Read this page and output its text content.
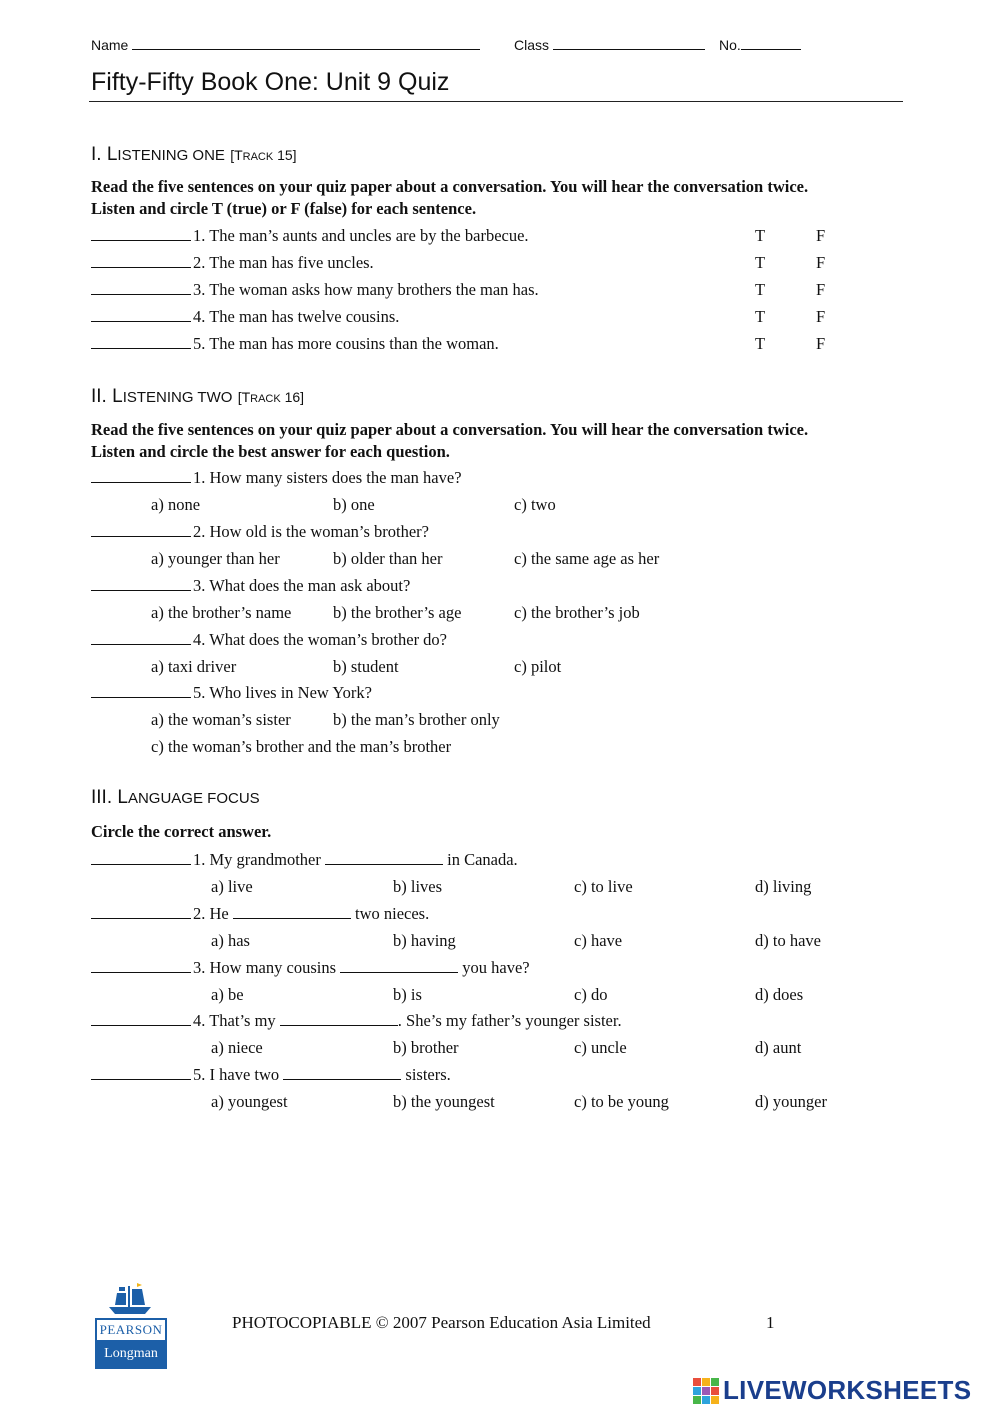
Name	Class	No.
Fifty-Fifty Book One: Unit 9 Quiz
I. LISTENING ONE [TRACK 15]
Read the five sentences on your quiz paper about a conversation. You will hear the conversation twice.
Listen and circle T (true) or F (false) for each sentence.
1. The man’s aunts and uncles are by the barbecue.	T	F
2. The man has five uncles.	T	F
3. The woman asks how many brothers the man has.	T	F
4. The man has twelve cousins.	T	F
5. The man has more cousins than the woman.	T	F
II. LISTENING TWO [TRACK 16]
Read the five sentences on your quiz paper about a conversation. You will hear the conversation twice.
Listen and circle the best answer for each question.
1. How many sisters does the man have?
a) none	b) one	c) two
2. How old is the woman’s brother?
a) younger than her	b) older than her	c) the same age as her
3. What does the man ask about?
a) the brother’s name	b) the brother’s age	c) the brother’s job
4. What does the woman’s brother do?
a) taxi driver	b) student	c) pilot
5. Who lives in New York?
a) the woman’s sister	b) the man’s brother only
c) the woman’s brother and the man’s brother
III. LANGUAGE FOCUS
Circle the correct answer.
1. My grandmother	in Canada.
a) live	b) lives	c) to live	d) living
2. He	two nieces.
a) has	b) having	c) have	d) to have
3. How many cousins	you have?
a) be	b) is	c) do	d) does
4. That’s my	. She’s my father’s younger sister.
a) niece	b) brother	c) uncle	d) aunt
5. I have two	sisters.
a) youngest	b) the youngest	c) to be young	d) younger
PEARSON
Longman
PHOTOCOPIABLE © 2007 Pearson Education Asia Limited	1
LIVEWORKSHEETS
